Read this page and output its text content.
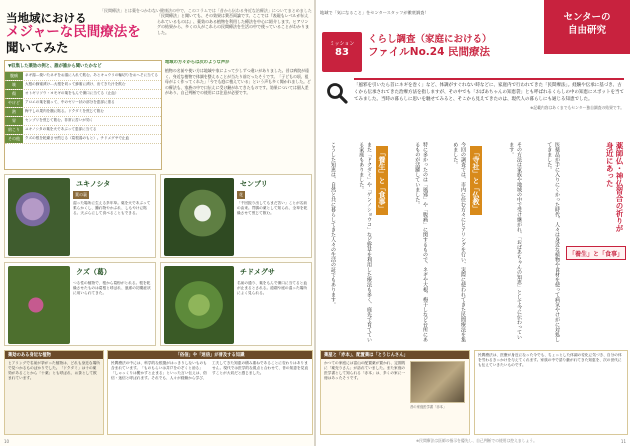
「民間療法」とは薬をつかわない健康法の中で、このコラムでは「昔から伝わる身近な治療法」についてまとめました
当地域における
メジャーな民間療法を
聞いてみた
「民間療法」と聞いても、その効果は賛否両論です。ここでは『表現もレベルが伝えられているものは』、薬効のある植物を利用した療法を中心に紹介します。ヒアリングの結果から、多くの人がこれらの民間療法を生活の中で使っていることがわかりました。
▼収集した薬効の例と、誰が誰から聞いたかなど
腹痛	ネギ湯…焼いたネギをお湯に入れて飲む。あとキュウリの輪切りをおへそに当てる
咳	大根の蜂蜜漬け…大根を切って蜂蜜に漬け、出てきた汁を飲む
傷	オトギリソウ・ヨモギの葉をもんで傷口に当てる（止血）
やけど	アロエの葉を割って、中のゼリー状の部分を患部に塗る
熱	梅干しの果肉を額に貼る。ドクダミを煎じて飲む
胃	センブリを煎じて飲む。非常に苦いが効く
肩こり	ユキノシタの葉を火であぶって患部に当てる
その他	クズの根を乾燥させ煎じる（葛根湯のもと）。チドメグサで止血
地域の方々からは次のような声が
植物の名前や使い方は地域や家によって少しずつ違いがありました。昔は病院が遠く、身近な植物で体調を整えることが当たり前だったそうです。「子どもの頃、祖母がよく作ってくれた」「今でも庭に植えている」という声も多く聞かれました。どの療法も、家族の中で口伝えに受け継がれてきたものです。効果については個人差があり、自己判断での使用には注意が必要です。
ユキノシタ
葉の裏
湿った場所に生える多年草。葉を火であぶって柔らかくし、腫れ物やかぶれ、しもやけに貼る。天ぷらにして食べることもできる。
センブリ
花
「千回振り出してもまだ苦い」ことが名前の由来。胃腸の薬として知られ、全草を乾燥させて煎じて飲む。
クズ（葛）
つる性の植物で、根から葛粉がとれる。根を乾燥させたものは葛根と呼ばれ、風邪の初期症状に用いられてきた。
チドメグサ
名前の通り、葉をもんで傷口に当てると血が止まるとされる。道端や庭の湿った場所によく見られる。
薬効のある身近な植物
ヒアリングで名前が挙がった植物は、どれも身近な場所で見つかるものばかりでした。「ドクダミ」は十の薬効があることから「十薬」とも呼ばれ、お茶として飲まれています。
「俗信」や「迷信」が普及する知識
民間療法の中には、科学的な根拠がはっきりしないものも含まれています。「ものもらいは井戸をのぞくと治る」「しゃっくりは驚かすと止まる」といった言い伝えは、俗信・迷信と呼ばれます。それでも、人々が経験から学び、工夫してきた知恵の積み重ねであることに変わりはありません。現代では医学的な視点と合わせて、昔の知恵を見直すことが大切だと感じました。
10
地域で「気になること」をセンタースタッフが徹底調査！	センターの
自由研究
ミッション
83
くらし調査（家庭における）
ファイルNo.24 民間療法
「風邪を引いたら首にネギを巻く」など、体調がすぐれない時などに、家庭内で行われてきた「民間療法」。経験や伝承に基づき、古くから伝承されてきた治療方法を指しますが、その中でも「おばあちゃんの知恵袋」とも呼ばれるくらしの中の知恵にスポットを当ててみました。当時の暮らしに思いを馳せてみると、そこから見えてきたのは、現代人の暮らしにも通じる知恵でした。
※記載内容はあくまでもセンター独自調査の結果です。
医薬品が手に入りにくかった時代、人々は身近な植物や食材を使って病気やけがに対処してきました。
その方法は家族や地域の中で受け継がれ、「おばあちゃんの知恵」として今に伝わっています。
「寺社」と「仏教」
今回の調査では、市内に住む方々にヒアリングを行い、実際に使われてきた民間療法を集めました。
特に多かったのは「風邪」や「腹痛」に関するもので、ネギや大根、梅干しなど台所にあるものが活躍していました。
「養生」と「食事」
また「ドクダミ」や「ゲンノショウコ」など野草を利用した療法も多く、庭先で育てている家庭もありました。
こうした知恵は、自然と共に暮らしてきた人々の生活の証でもあります。	薬師仏・神仏習合の祈りが身近にあった
「養生」と「食事」
薬屋と「赤本」、配置薬は「とうじんさん」
かつての家庭には富山の配置薬が置かれ、定期的に「薬売りさん」が訪れていました。また家庭の医学書として知られる「赤本」は、多くの家に一冊はあったそうです。
昔の家庭医学書「赤本」
民間療法は、医療が身近になった今でも、ちょっとした体調の変化に気づき、自分の体を労わるきっかけを与えてくれます。家族の中で語り継がれてきた知恵を、次の世代にも伝えていきたいものです。
※民間療法は医師の指示を優先し、自己判断での使用は控えましょう。	11
